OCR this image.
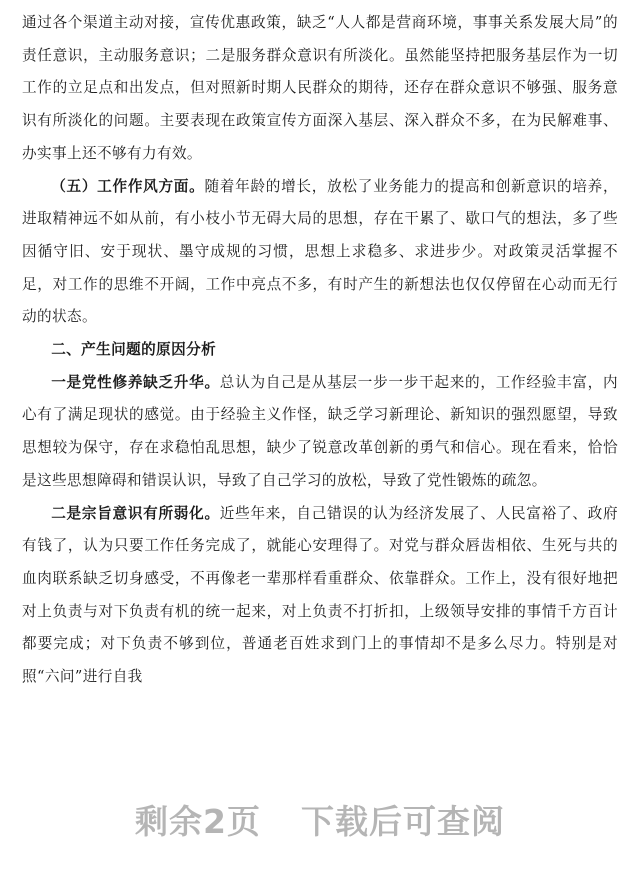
通过各个渠道主动对接，宣传优惠政策，缺乏“人人都是营商环境，事事关系发展大局”的责任意识，主动服务意识；二是服务群众意识有所淡化。虽然能坚持把服务基层作为一切工作的立足点和出发点，但对照新时期人民群众的期待，还存在群众意识不够强、服务意识有所淡化的问题。主要表现在政策宣传方面深入基层、深入群众不多，在为民解难事、办实事上还不够有力有效。

（五）工作作风方面。随着年龄的增长，放松了业务能力的提高和创新意识的培养，进取精神远不如从前，有小枝小节无碍大局的思想，存在干累了、歇口气的想法，多了些因循守旧、安于现状、墨守成规的习惯，思想上求稳多、求进步少。对政策灵活掌握不足，对工作的思维不开阔，工作中亮点不多，有时产生的新想法也仅仅停留在心动而无行动的状态。

二、产生问题的原因分析

一是党性修养缺乏升华。总认为自己是从基层一步一步干起来的，工作经验丰富，内心有了满足现状的感觉。由于经验主义作怪，缺乏学习新理论、新知识的强烈愿望，导致思想较为保守，存在求稳怕乱思想，缺少了锐意改革创新的勇气和信心。现在看来，恰恰是这些思想障碍和错误认识，导致了自己学习的放松，导致了党性锻炼的疏忽。

二是宗旨意识有所弱化。近些年来，自己错误的认为经济发展了、人民富裕了、政府有钱了，认为只要工作任务完成了，就能心安理得了。对党与群众唇齿相依、生死与共的血肉联系缺乏切身感受，不再像老一辈那样看重群众、依靠群众。工作上，没有很好地把对上负责与对下负责有机的统一起来，对上负责不打折扣，上级领导安排的事情千方百计都要完成；对下负责不够到位，普通老百姓求到门上的事情却不是多么尽力。特别是对照“六问”进行自我

剩余2页 下载后可查阅
